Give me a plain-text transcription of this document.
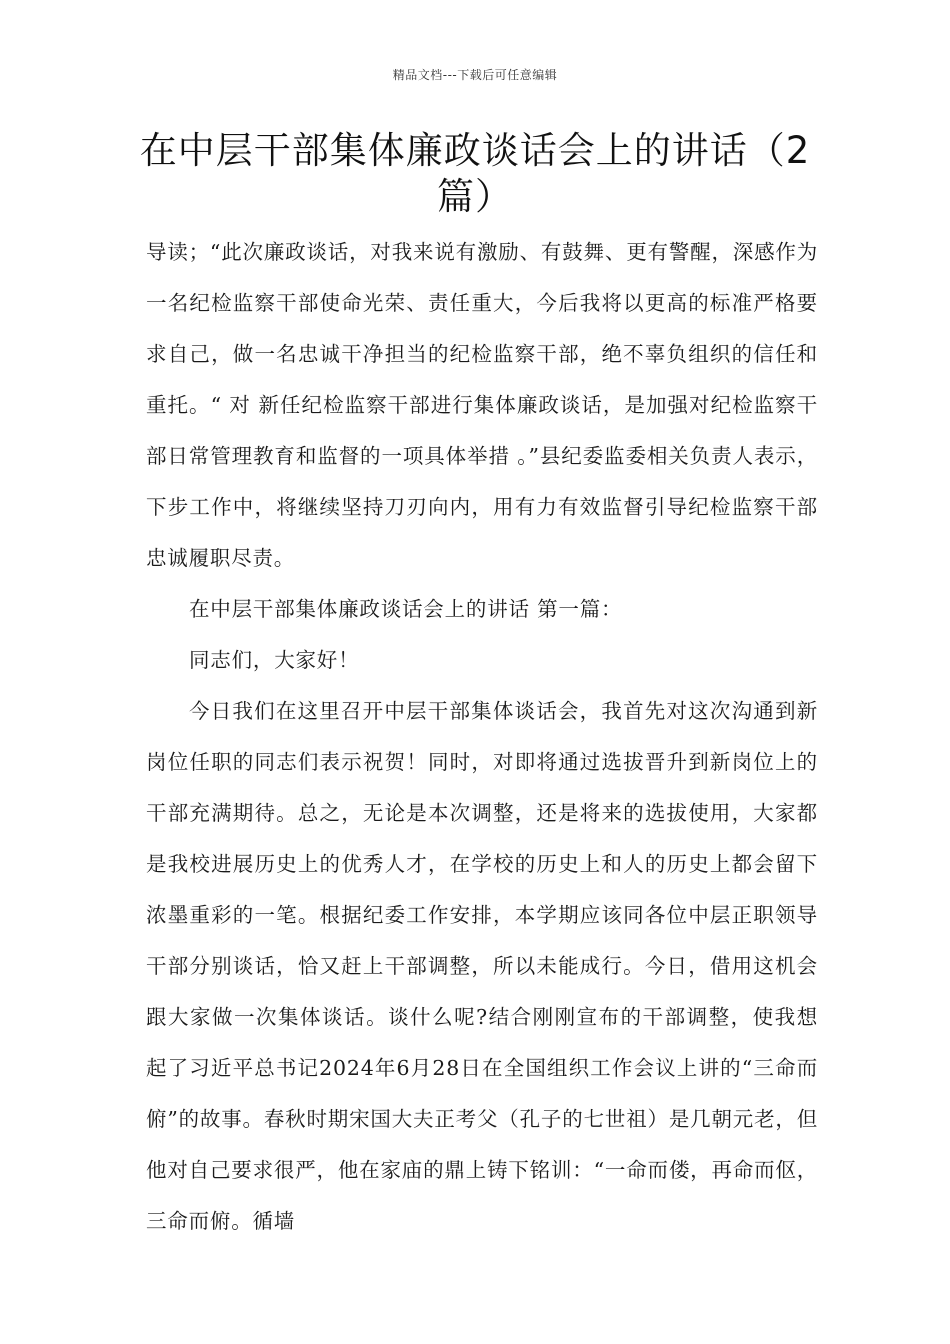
精品文档---下载后可任意编辑
在中层干部集体廉政谈话会上的讲话（2篇）

导读；“此次廉政谈话，对我来说有激励、有鼓舞、更有警醒，深感作为一名纪检监察干部使命光荣、责任重大，今后我将以更高的标准严格要求自己，做一名忠诚干净担当的纪检监察干部，绝不辜负组织的信任和重托。“ 对 新任纪检监察干部进行集体廉政谈话，是加强对纪检监察干部日常管理教育和监督的一项具体举措 。”县纪委监委相关负责人表示，下步工作中，将继续坚持刀刃向内，用有力有效监督引导纪检监察干部忠诚履职尽责。

在中层干部集体廉政谈话会上的讲话 第一篇：

同志们，大家好！

今日我们在这里召开中层干部集体谈话会，我首先对这次沟通到新岗位任职的同志们表示祝贺！同时，对即将通过选拔晋升到新岗位上的干部充满期待。总之，无论是本次调整，还是将来的选拔使用，大家都是我校进展历史上的优秀人才，在学校的历史上和人的历史上都会留下浓墨重彩的一笔。根据纪委工作安排，本学期应该同各位中层正职领导干部分别谈话，恰又赶上干部调整，所以未能成行。今日，借用这机会跟大家做一次集体谈话。谈什么呢?结合刚刚宣布的干部调整，使我想起了习近平总书记2024年6月28日在全国组织工作会议上讲的“三命而俯”的故事。春秋时期宋国大夫正考父（孔子的七世祖）是几朝元老，但他对自己要求很严，他在家庙的鼎上铸下铭训：“一命而偻，再命而伛，三命而俯。循墙
